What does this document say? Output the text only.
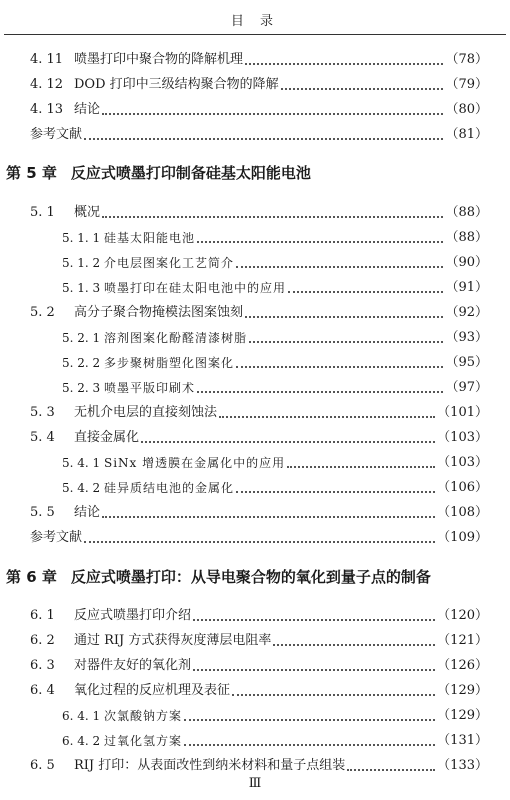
目 录
4. 11 喷墨打印中聚合物的降解机理	（78）
4. 12 DOD 打印中三级结构聚合物的降解	（79）
4. 13 结论	（80）
参考文献	（81）
第 5 章 反应式喷墨打印制备硅基太阳能电池
5. 1	概况	（88）
5. 1. 1 硅基太阳能电池	（88）
5. 1. 2 介电层图案化工艺简介	（90）
5. 1. 3 喷墨打印在硅太阳电池中的应用	（91）
5. 2	高分子聚合物掩模法图案蚀刻	（92）
5. 2. 1 溶剂图案化酚醛清漆树脂	（93）
5. 2. 2 多步聚树脂塑化图案化	（95）
5. 2. 3 喷墨平版印刷术	（97）
5. 3	无机介电层的直接刻蚀法	（101）
5. 4	直接金属化	（103）
5. 4. 1 SiNx 增透膜在金属化中的应用	（103）
5. 4. 2 硅异质结电池的金属化	（106）
5. 5	结论	（108）
参考文献	（109）
第 6 章 反应式喷墨打印：从导电聚合物的氧化到量子点的制备
6. 1	反应式喷墨打印介绍	（120）
6. 2	通过 RIJ 方式获得灰度薄层电阻率	（121）
6. 3	对器件友好的氧化剂	（126）
6. 4	氧化过程的反应机理及表征	（129）
6. 4. 1 次氯酸钠方案	（129）
6. 4. 2 过氧化氢方案	（131）
6. 5	RIJ 打印：从表面改性到纳米材料和量子点组装	（133）
Ⅲ
